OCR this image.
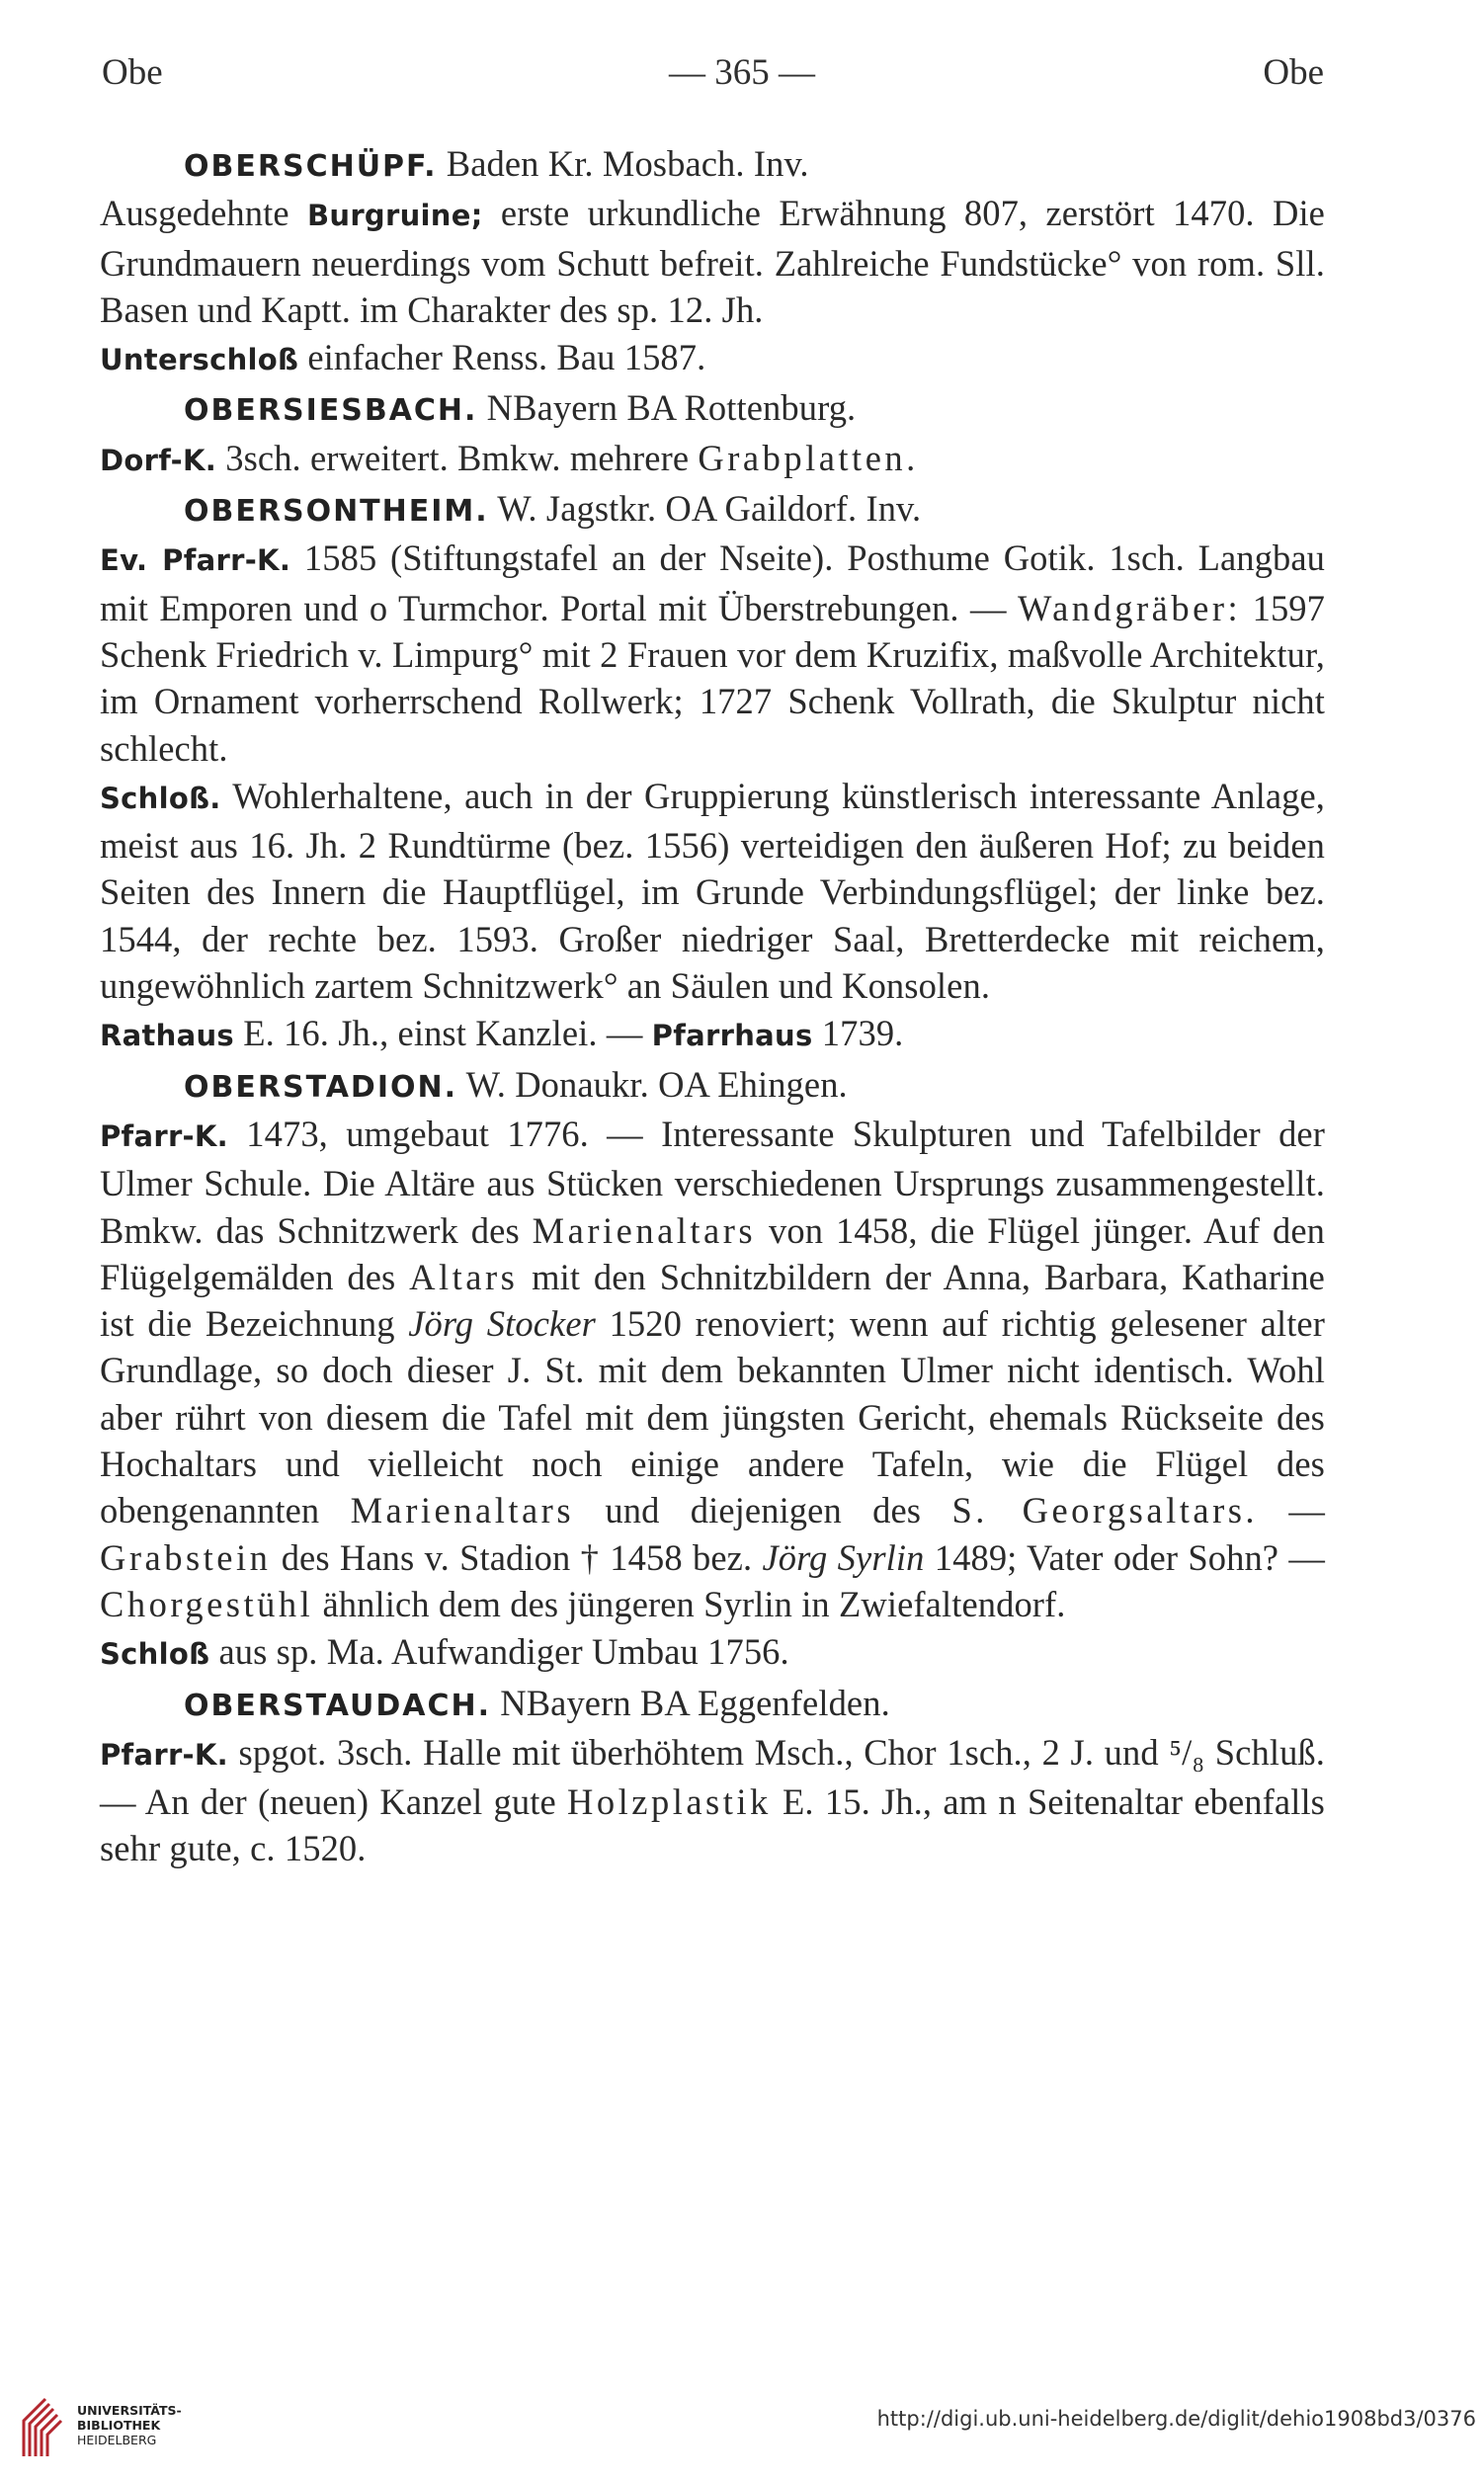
Obe	— 365 —	Obe

OBERSCHÜPF. Baden Kr. Mosbach. Inv.

Ausgedehnte Burgruine; erste urkundliche Erwähnung 807, zerstört 1470. Die Grundmauern neuerdings vom Schutt befreit. Zahlreiche Fundstücke° von rom. Sll. Basen und Kaptt. im Charakter des sp. 12. Jh.

Unterschloß einfacher Renss. Bau 1587.

OBERSIESBACH. NBayern BA Rottenburg.

Dorf-K. 3sch. erweitert. Bmkw. mehrere Grabplatten.

OBERSONTHEIM. W. Jagstkr. OA Gaildorf. Inv.

Ev. Pfarr-K. 1585 (Stiftungstafel an der Nseite). Posthume Gotik. 1sch. Langbau mit Emporen und o Turmchor. Portal mit Überstrebungen. — Wandgräber: 1597 Schenk Friedrich v. Limpurg° mit 2 Frauen vor dem Kruzifix, maßvolle Architektur, im Ornament vorherrschend Rollwerk; 1727 Schenk Vollrath, die Skulptur nicht schlecht.

Schloß. Wohlerhaltene, auch in der Gruppierung künstlerisch interessante Anlage, meist aus 16. Jh. 2 Rundtürme (bez. 1556) verteidigen den äußeren Hof; zu beiden Seiten des Innern die Hauptflügel, im Grunde Verbindungsflügel; der linke bez. 1544, der rechte bez. 1593. Großer niedriger Saal, Bretterdecke mit reichem, ungewöhnlich zartem Schnitzwerk° an Säulen und Konsolen.

Rathaus E. 16. Jh., einst Kanzlei. — Pfarrhaus 1739.

OBERSTADION. W. Donaukr. OA Ehingen.

Pfarr-K. 1473, umgebaut 1776. — Interessante Skulpturen und Tafelbilder der Ulmer Schule. Die Altäre aus Stücken verschiedenen Ursprungs zusammengestellt. Bmkw. das Schnitzwerk des Marienaltars von 1458, die Flügel jünger. Auf den Flügelgemälden des Altars mit den Schnitzbildern der Anna, Barbara, Katharine ist die Bezeichnung Jörg Stocker 1520 renoviert; wenn auf richtig gelesener alter Grundlage, so doch dieser J. St. mit dem bekannten Ulmer nicht identisch. Wohl aber rührt von diesem die Tafel mit dem jüngsten Gericht, ehemals Rückseite des Hochaltars und vielleicht noch einige andere Tafeln, wie die Flügel des obengenannten Marienaltars und diejenigen des S. Georgsaltars. — Grabstein des Hans v. Stadion † 1458 bez. Jörg Syrlin 1489; Vater oder Sohn? — Chorgestühl ähnlich dem des jüngeren Syrlin in Zwiefaltendorf.

Schloß aus sp. Ma. Aufwandiger Umbau 1756.

OBERSTAUDACH. NBayern BA Eggenfelden.

Pfarr-K. spgot. 3sch. Halle mit überhöhtem Msch., Chor 1sch., 2 J. und ⁵/₈ Schluß. — An der (neuen) Kanzel gute Holzplastik E. 15. Jh., am n Seitenaltar ebenfalls sehr gute, c. 1520.

UNIVERSITÄTS-
BIBLIOTHEK
HEIDELBERG
http://digi.ub.uni-heidelberg.de/diglit/dehio1908bd3/0376
